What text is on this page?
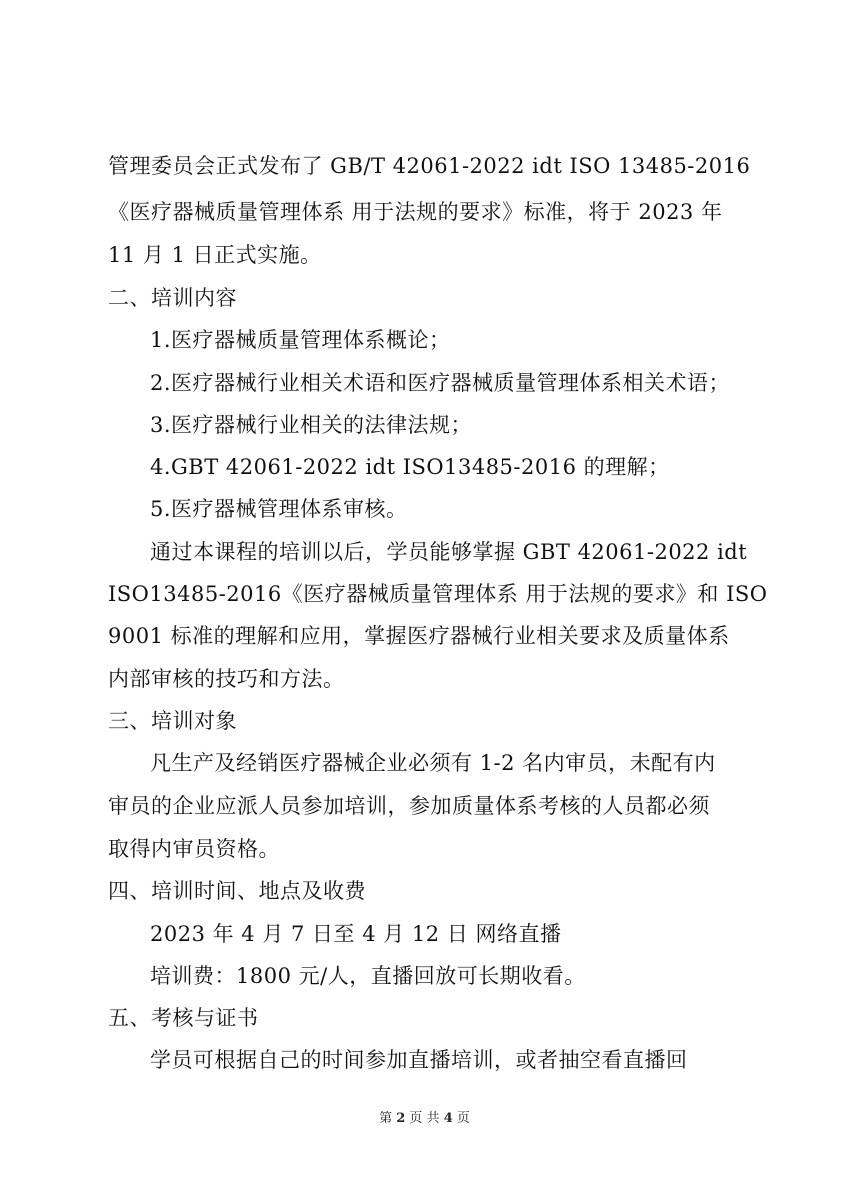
管理委员会正式发布了 GB/T 42061-2022 idt ISO 13485-2016
《医疗器械质量管理体系 用于法规的要求》标准，将于 2023 年
11 月 1 日正式实施。
二、培训内容
1.医疗器械质量管理体系概论；
2.医疗器械行业相关术语和医疗器械质量管理体系相关术语；
3.医疗器械行业相关的法律法规；
4.GBT 42061-2022 idt ISO13485-2016 的理解；
5.医疗器械管理体系审核。
通过本课程的培训以后，学员能够掌握 GBT 42061-2022 idt
ISO13485-2016《医疗器械质量管理体系 用于法规的要求》和 ISO
9001 标准的理解和应用，掌握医疗器械行业相关要求及质量体系
内部审核的技巧和方法。
三、培训对象
凡生产及经销医疗器械企业必须有 1-2 名内审员，未配有内
审员的企业应派人员参加培训，参加质量体系考核的人员都必须
取得内审员资格。
四、培训时间、地点及收费
2023 年 4 月 7 日至 4 月 12 日 网络直播
培训费：1800 元/人，直播回放可长期收看。
五、考核与证书
学员可根据自己的时间参加直播培训，或者抽空看直播回
第 2 页 共 4 页
